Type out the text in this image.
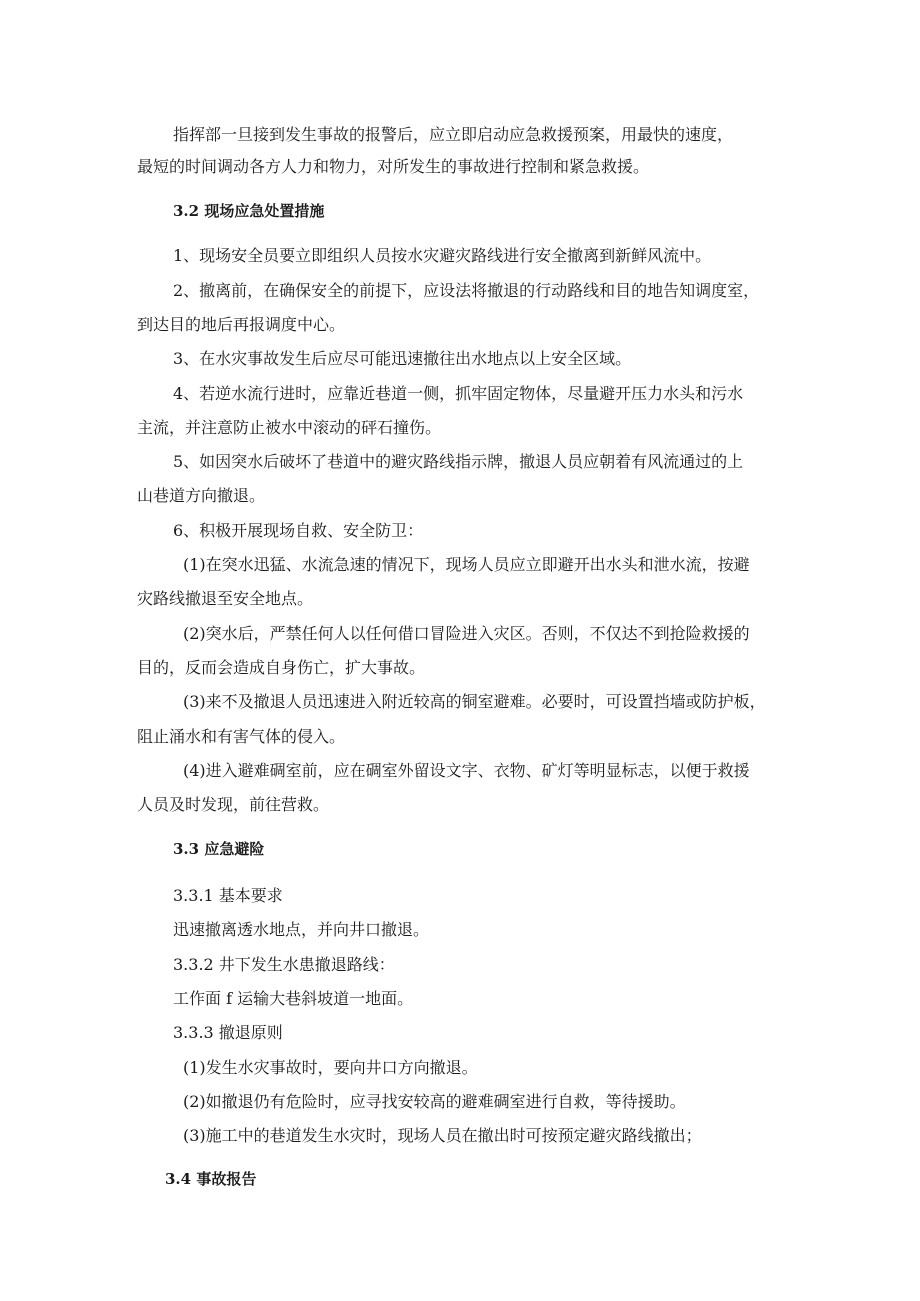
指挥部一旦接到发生事故的报警后，应立即启动应急救援预案，用最快的速度，
最短的时间调动各方人力和物力，对所发生的事故进行控制和紧急救援。
3.2 现场应急处置措施
1、现场安全员要立即组织人员按水灾避灾路线进行安全撤离到新鲜风流中。
2、撤离前，在确保安全的前提下，应设法将撤退的行动路线和目的地告知调度室，
到达目的地后再报调度中心。
3、在水灾事故发生后应尽可能迅速撤往出水地点以上安全区域。
4、若逆水流行进时，应靠近巷道一侧，抓牢固定物体，尽量避开压力水头和污水
主流，并注意防止被水中滚动的砰石撞伤。
5、如因突水后破坏了巷道中的避灾路线指示牌，撤退人员应朝着有风流通过的上
山巷道方向撤退。
6、积极开展现场自救、安全防卫：
(1)在突水迅猛、水流急速的情况下，现场人员应立即避开出水头和泄水流，按避
灾路线撤退至安全地点。
(2)突水后，严禁任何人以任何借口冒险进入灾区。否则，不仅达不到抢险救援的
目的，反而会造成自身伤亡，扩大事故。
(3)来不及撤退人员迅速进入附近较高的铜室避难。必要时，可设置挡墙或防护板，
阻止涌水和有害气体的侵入。
(4)进入避难碉室前，应在碉室外留设文字、衣物、矿灯等明显标志，以便于救援
人员及时发现，前往营救。
3.3 应急避险
3.3.1 基本要求
迅速撤离透水地点，并向井口撤退。
3.3.2 井下发生水患撤退路线：
工作面 f 运输大巷斜坡道一地面。
3.3.3 撤退原则
(1)发生水灾事故时，要向井口方向撤退。
(2)如撤退仍有危险时，应寻找安较高的避难碉室进行自救，等待援助。
(3)施工中的巷道发生水灾时，现场人员在撤出时可按预定避灾路线撤出；
3.4 事故报告
